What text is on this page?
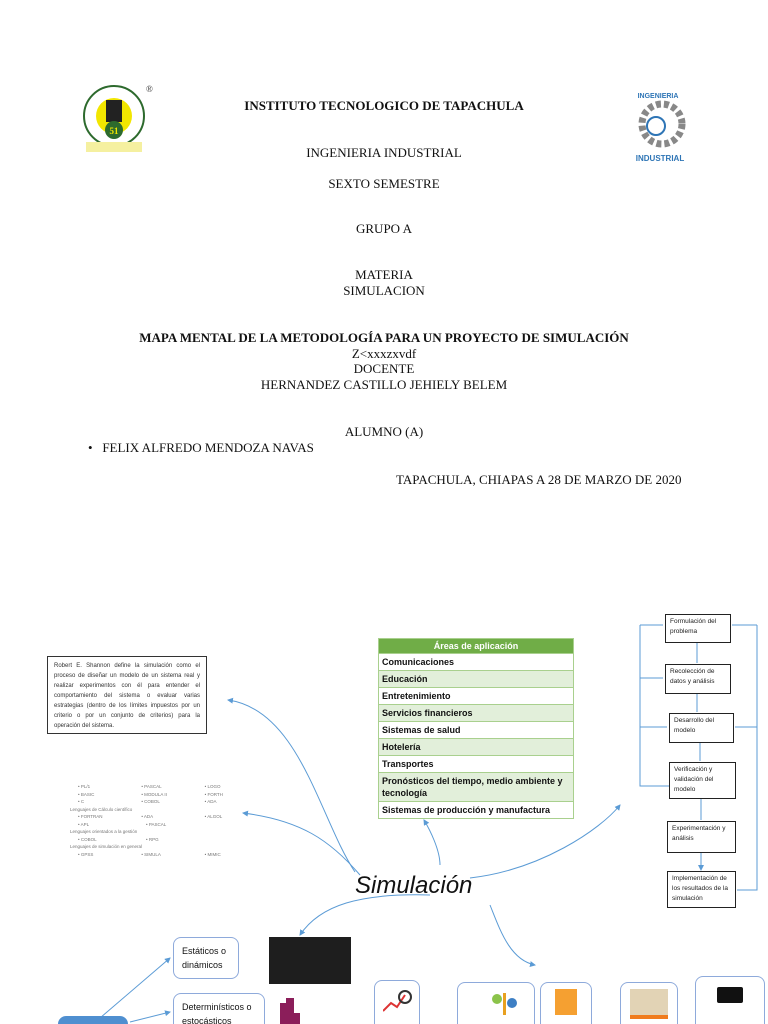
51
®
INGENIERIA
INDUSTRIAL
INSTITUTO TECNOLOGICO DE TAPACHULA
INGENIERIA INDUSTRIAL
SEXTO SEMESTRE
GRUPO A
MATERIA
SIMULACION
MAPA MENTAL DE LA METODOLOGÍA PARA UN PROYECTO DE SIMULACIÓN
Z<xxxzxvdf
DOCENTE
HERNANDEZ CASTILLO JEHIELY BELEM
ALUMNO (A)
•   FELIX ALFREDO MENDOZA NAVAS
TAPACHULA, CHIAPAS A 28 DE MARZO DE 2020
Robert E. Shannon define la simulación como el proceso de diseñar un modelo de un sistema real y realizar experimentos con él para entender el comportamiento del sistema o evaluar varias estrategias (dentro de los límites impuestos por un criterio o por un conjunto de criterios) para la operación del sistema.
• PL/1	• PASCAL	• LOGO
• BASIC	• MODULA II	• FORTH
• C	• COBOL	• ADA
Lenguajes de Cálculo científico
• FORTRAN	• ADA	• ALGOL
• APL	• PASCAL
Lenguajes orientados a la gestión
• COBOL	• RPG
Lenguajes de simulación en general
• GPSS	• SIMULA	• MIMIC
Áreas de aplicación
Comunicaciones
Educación
Entretenimiento
Servicios financieros
Sistemas de salud
Hotelería
Transportes
Pronósticos del tiempo, medio ambiente y tecnología
Sistemas de producción y manufactura
Formulación del problema
Recolección de datos y análisis
Desarrollo del modelo
Verificación y validación del modelo
Experimentación y análisis
Implementación de los resultados de la simulación
Simulación
Estáticos o dinámicos
Determinísticos o estocásticos
